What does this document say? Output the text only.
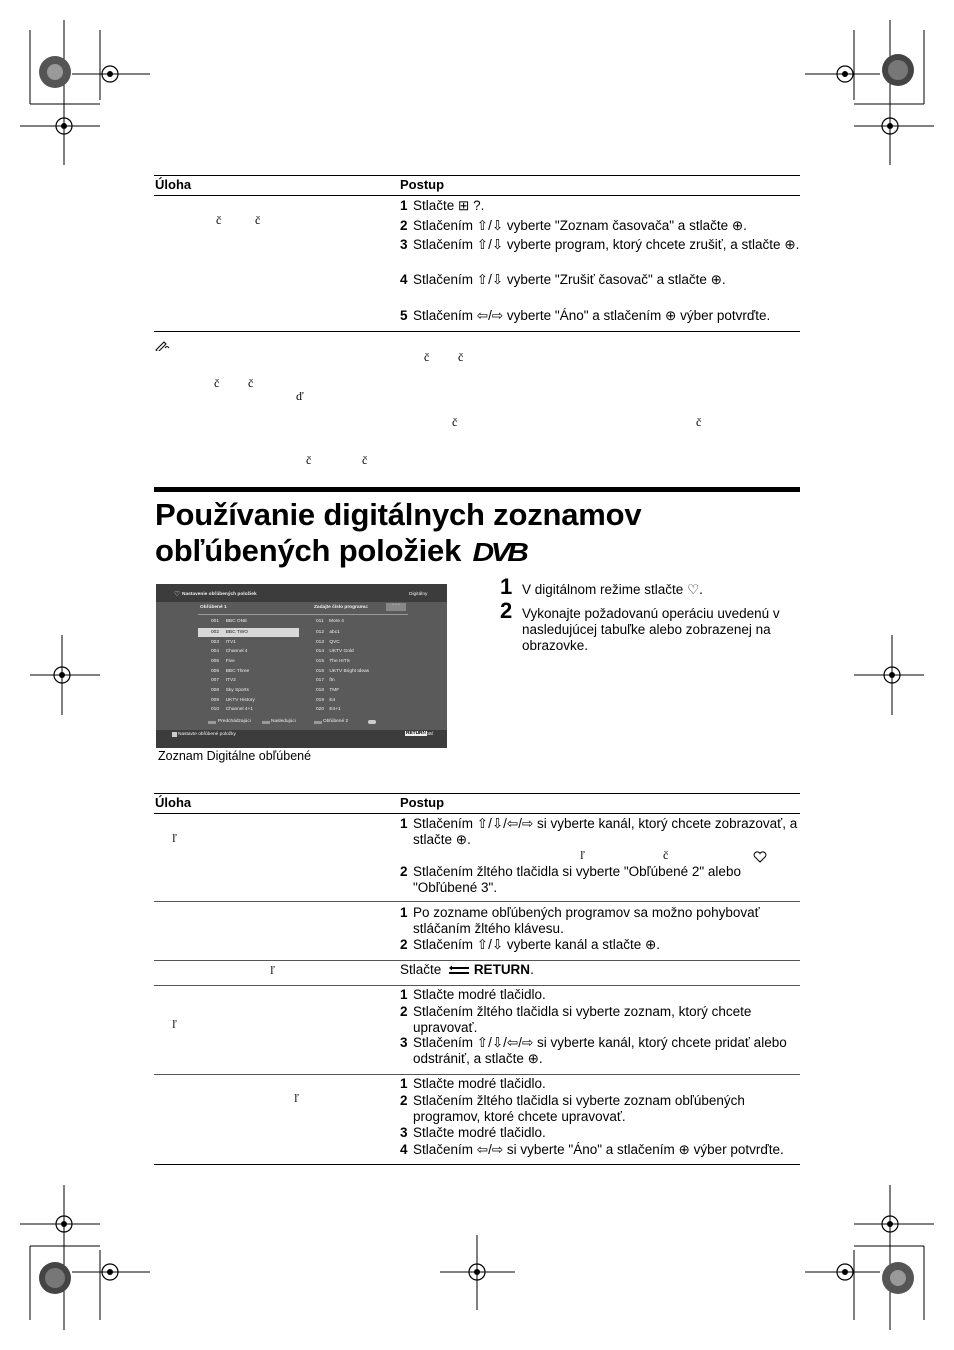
Úloha	Postup
č	č
1 Stlačte ⊞ ?.
2 Stlačením ⇧/⇩ vyberte "Zoznam časovača" a stlačte ⊕.
3 Stlačením ⇧/⇩ vyberte program, ktorý chcete zrušiť, a stlačte ⊕.
4 Stlačením ⇧/⇩ vyberte "Zrušiť časovač" a stlačte ⊕.
5 Stlačením ⇦/⇨ vyberte "Áno" a stlačením ⊕ výber potvrďte.
č č
č č
ď
č	č
č	č
Používanie digitálnych zoznamov
obľúbených položiek DVB
♡ Nastavenie obľúbených položiek	Digitálny
Obľúbené 1	Zadajte číslo programu:	- - -
001 BBC ONE
002 BBC TWO
003 ITV1
004 Channel 4
005 Five
006 BBC Three
007 ITV2
008 Sky Sports
009 UKTV History
010 Channel 4+1
011 More 4
012 abc1
013 QVC
014 UKTV Gold
015 The HITS
016 UKTV Bright Ideas
017 ftn
018 TMF
019 E4
020 E4+1
Predchádzajúci	Nasledujúci	Obľúbené 2
Nastavte obľúbené položky	RETURN
Späť
Zoznam Digitálne obľúbené
1 V digitálnom režime stlačte ♡.
2 Vykonajte požadovanú operáciu uvedenú v nasledujúcej tabuľke alebo zobrazenej na obrazovke.
Úloha	Postup
ľ
1 Stlačením ⇧/⇩/⇦/⇨ si vyberte kanál, ktorý chcete zobrazovať, a stlačte ⊕.
ľ	č
2 Stlačením žltého tlačidla si vyberte "Obľúbené 2" alebo "Obľúbené 3".
1 Po zozname obľúbených programov sa možno pohybovať stláčaním žltého klávesu.
2 Stlačením ⇧/⇩ vyberte kanál a stlačte ⊕.
ľ	Stlačte RETURN.
ľ
1 Stlačte modré tlačidlo.
2 Stlačením žltého tlačidla si vyberte zoznam, ktorý chcete upravovať.
3 Stlačením ⇧/⇩/⇦/⇨ si vyberte kanál, ktorý chcete pridať alebo odstrániť, a stlačte ⊕.
ľ
1 Stlačte modré tlačidlo.
2 Stlačením žltého tlačidla si vyberte zoznam obľúbených programov, ktoré chcete upravovať.
3 Stlačte modré tlačidlo.
4 Stlačením ⇦/⇨ si vyberte "Áno" a stlačením ⊕ výber potvrďte.
